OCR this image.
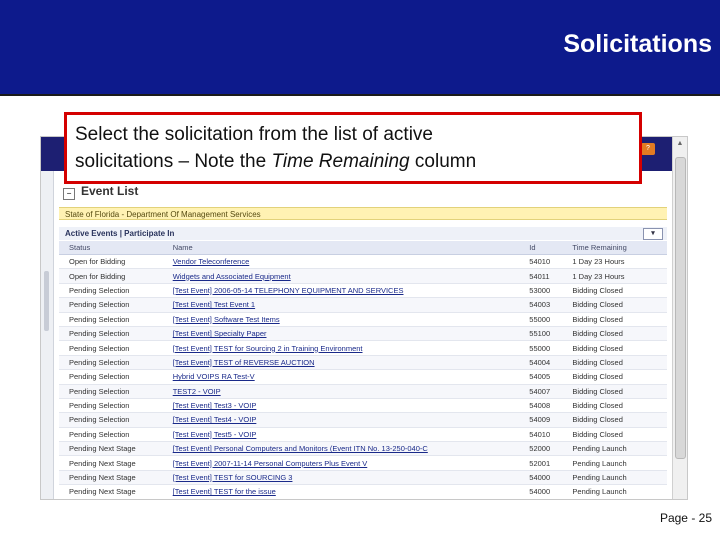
Solicitations
?
▲
− Event List
State of Florida - Department Of Management Services
Active Events | Participate In	▾
Status	Name	Id	Time Remaining
Open for Bidding	Vendor Teleconference	54010	1 Day 23 Hours
Open for Bidding	Widgets and Associated Equipment	54011	1 Day 23 Hours
Pending Selection	[Test Event] 2006-05-14 TELEPHONY EQUIPMENT AND SERVICES	53000	Bidding Closed
Pending Selection	[Test Event] Test Event 1	54003	Bidding Closed
Pending Selection	[Test Event] Software Test Items	55000	Bidding Closed
Pending Selection	[Test Event] Specialty Paper	55100	Bidding Closed
Pending Selection	[Test Event] TEST for Sourcing 2 in Training Environment	55000	Bidding Closed
Pending Selection	[Test Event] TEST of REVERSE AUCTION	54004	Bidding Closed
Pending Selection	Hybrid VOIPS RA Test-V	54005	Bidding Closed
Pending Selection	TEST2 - VOIP	54007	Bidding Closed
Pending Selection	[Test Event] Test3 - VOIP	54008	Bidding Closed
Pending Selection	[Test Event] Test4 - VOIP	54009	Bidding Closed
Pending Selection	[Test Event] Test5 - VOIP	54010	Bidding Closed
Pending Next Stage	[Test Event] Personal Computers and Monitors (Event ITN No. 13-250-040-C	52000	Pending Launch
Pending Next Stage	[Test Event] 2007-11-14 Personal Computers Plus Event V	52001	Pending Launch
Pending Next Stage	[Test Event] TEST for SOURCING 3	54000	Pending Launch
Pending Next Stage	[Test Event] TEST for the issue	54000	Pending Launch

Select the solicitation from the list of active
solicitations – Note the Time Remaining column

Page - 25
